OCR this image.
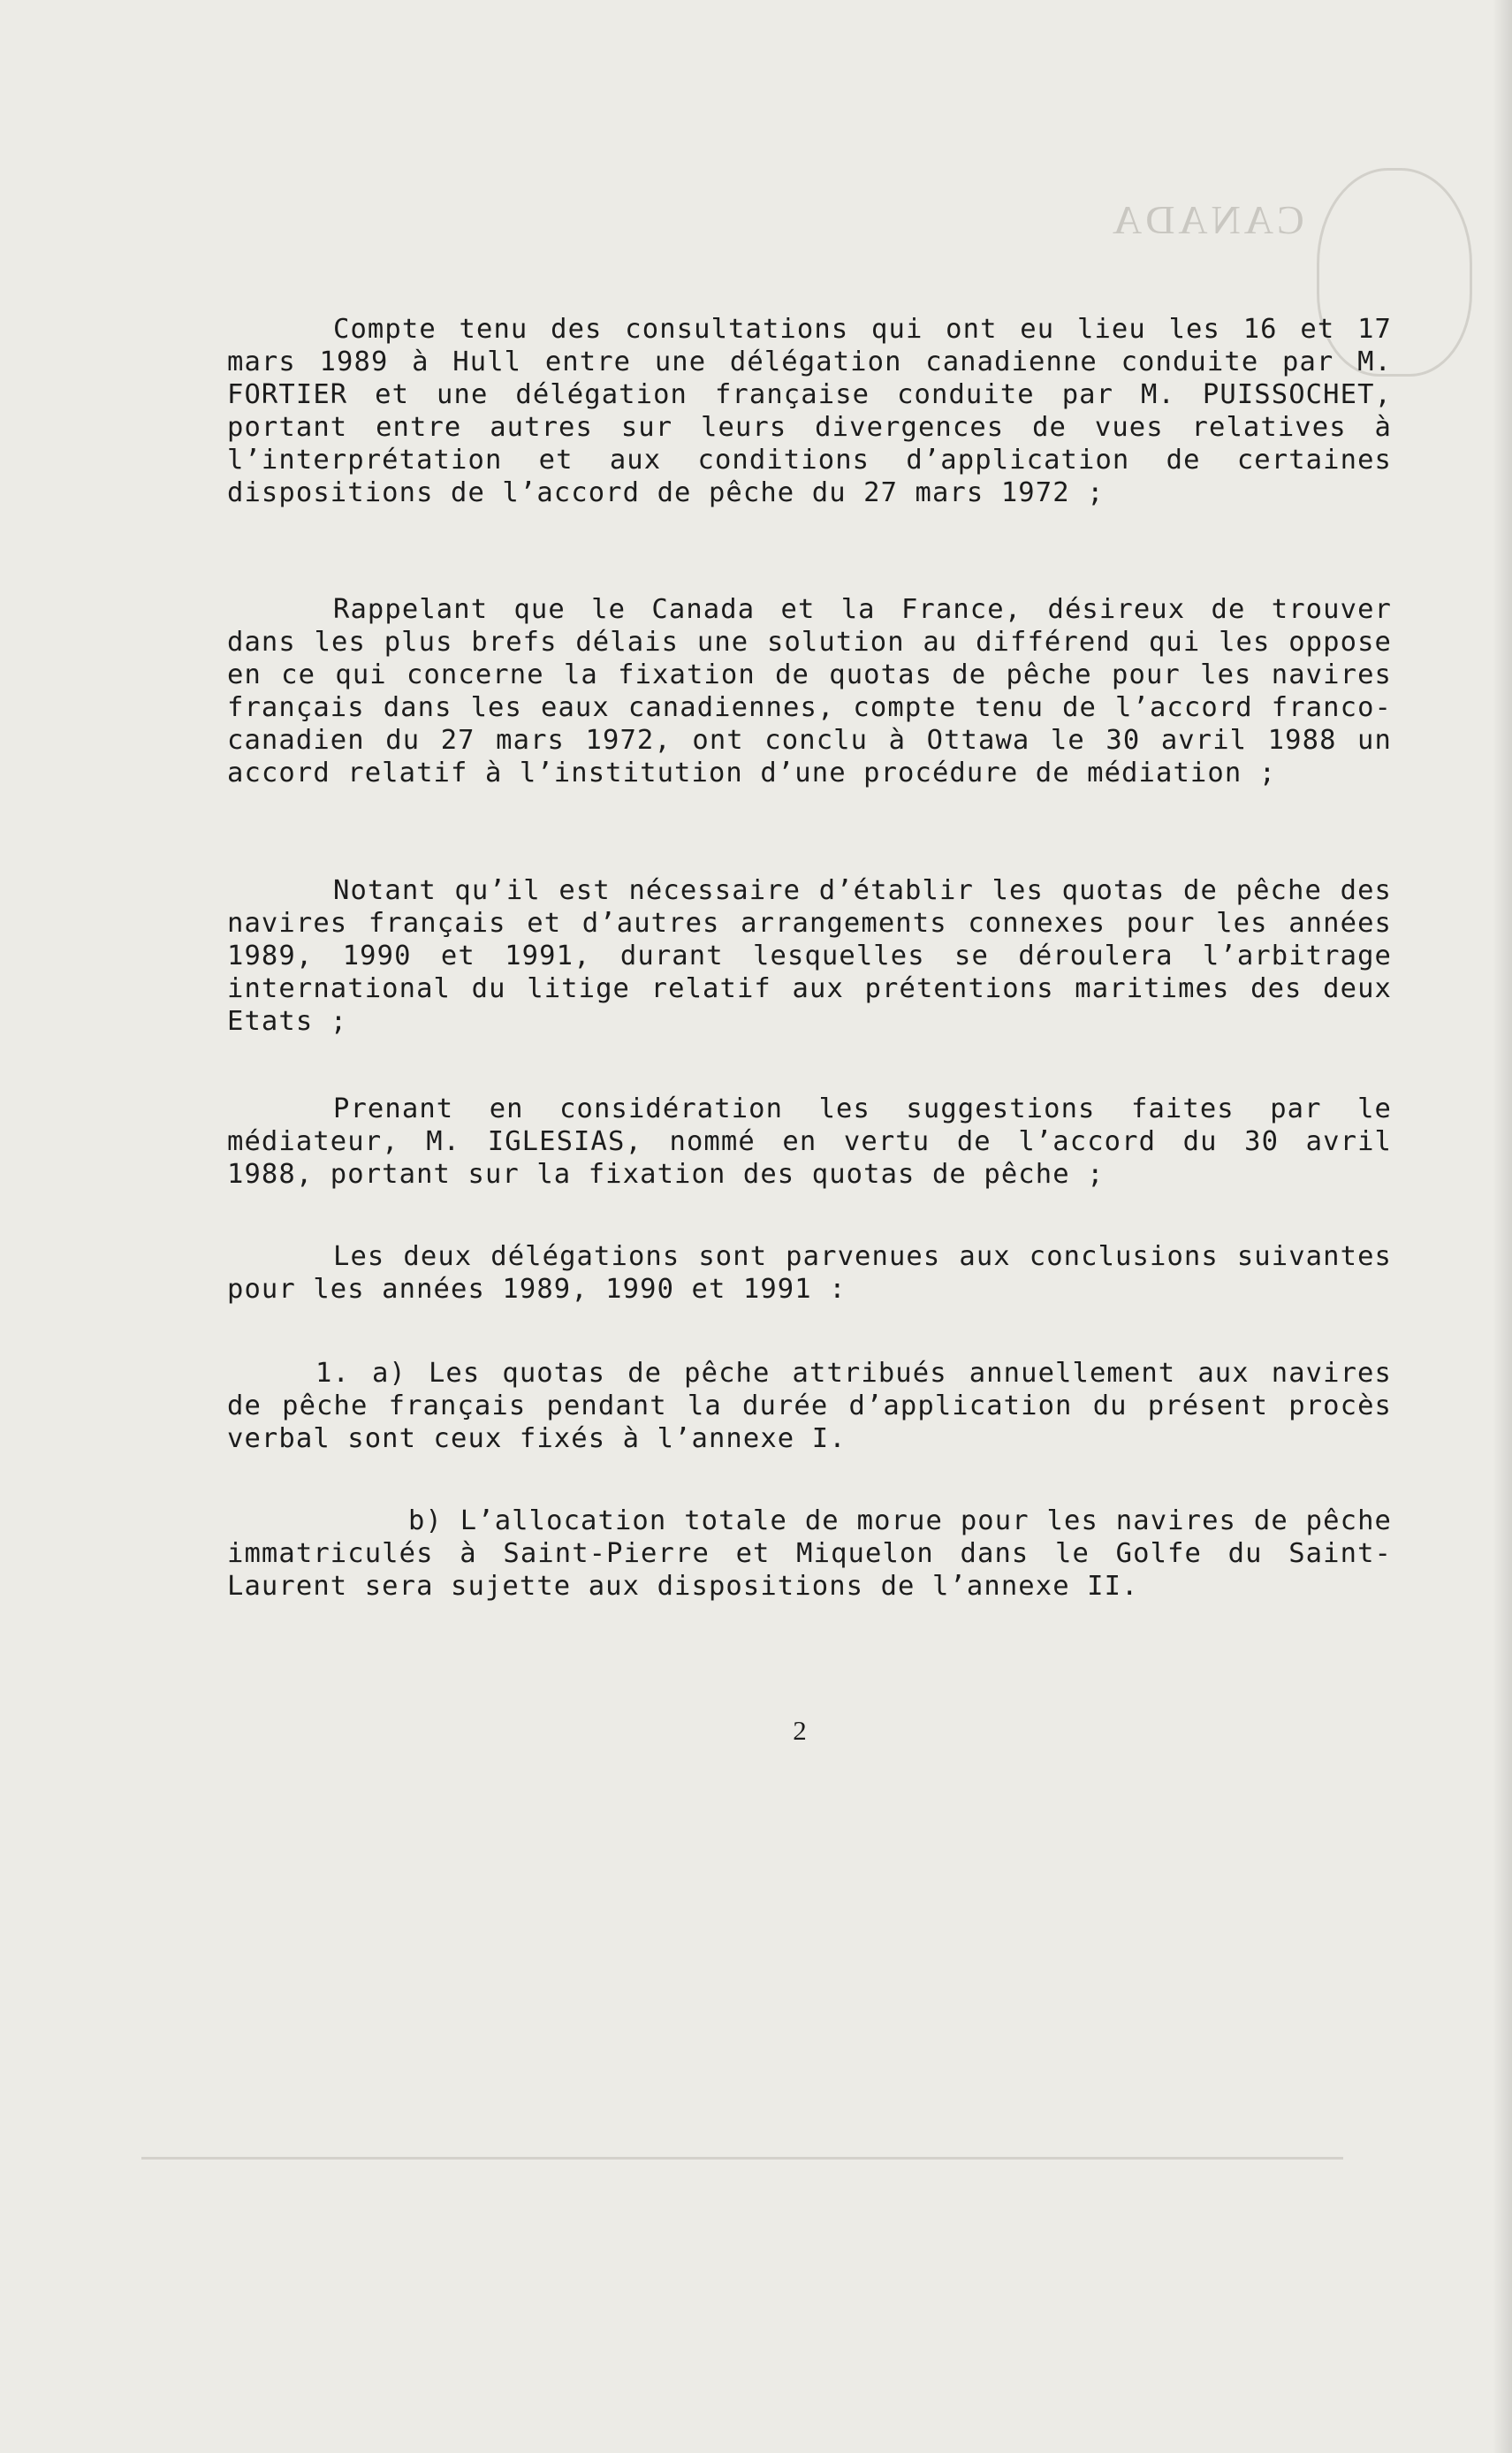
CANADA

Compte tenu des consultations qui ont eu lieu les 16 et 17 mars 1989 à Hull entre une délégation canadienne conduite par M. FORTIER et une délégation française conduite par M. PUISSOCHET, portant entre autres sur leurs divergences de vues relatives à l’interprétation et aux conditions d’application de certaines dispositions de l’accord de pêche du 27 mars 1972 ;

Rappelant que le Canada et la France, désireux de trouver dans les plus brefs délais une solution au différend qui les oppose en ce qui concerne la fixation de quotas de pêche pour les navires français dans les eaux canadiennes, compte tenu de l’accord franco-canadien du 27 mars 1972, ont conclu à Ottawa le 30 avril 1988 un accord relatif à l’institution d’une procédure de médiation ;

Notant qu’il est nécessaire d’établir les quotas de pêche des navires français et d’autres arrangements connexes pour les années 1989, 1990 et 1991, durant lesquelles se déroulera l’arbitrage international du litige relatif aux prétentions maritimes des deux Etats ;

Prenant en considération les suggestions faites par le médiateur, M. IGLESIAS, nommé en vertu de l’accord du 30 avril 1988, portant sur la fixation des quotas de pêche ;

Les deux délégations sont parvenues aux conclusions suivantes pour les années 1989, 1990 et 1991 :

1. a) Les quotas de pêche attribués annuellement aux navires de pêche français pendant la durée d’application du présent procès verbal sont ceux fixés à l’annexe I.

b) L’allocation totale de morue pour les navires de pêche immatriculés à Saint-Pierre et Miquelon dans le Golfe du Saint-Laurent sera sujette aux dispositions de l’annexe II.

2
